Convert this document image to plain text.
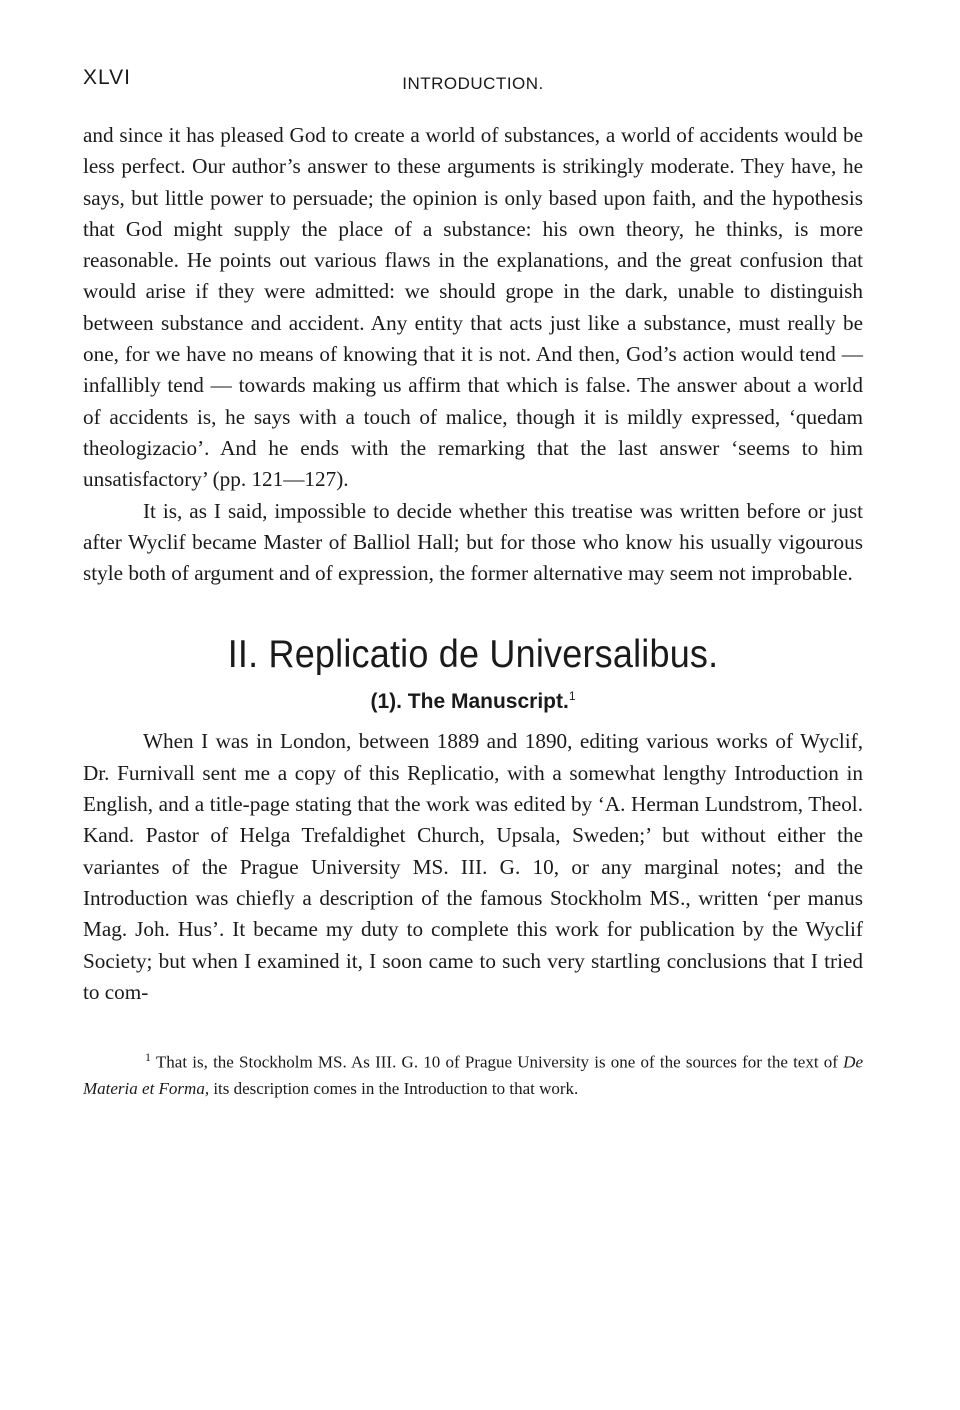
XLVI	INTRODUCTION.

and since it has pleased God to create a world of substances, a world of accidents would be less perfect. Our author’s answer to these arguments is strikingly moderate. They have, he says, but little power to persuade; the opinion is only based upon faith, and the hypothesis that God might supply the place of a substance: his own theory, he thinks, is more reasonable. He points out various flaws in the explanations, and the great confusion that would arise if they were admitted: we should grope in the dark, unable to distinguish between substance and accident. Any entity that acts just like a substance, must really be one, for we have no means of knowing that it is not. And then, God’s action would tend — infallibly tend — towards making us affirm that which is false. The answer about a world of accidents is, he says with a touch of malice, though it is mildly expressed, ‘quedam theologizacio’. And he ends with the remarking that the last answer ‘seems to him unsatisfactory’ (pp. 121—127).

It is, as I said, impossible to decide whether this treatise was written before or just after Wyclif became Master of Balliol Hall; but for those who know his usually vigourous style both of argument and of expression, the former alternative may seem not improbable.

II. Replicatio de Universalibus.
(1). The Manuscript.$^1$

When I was in London, between 1889 and 1890, editing various works of Wyclif, Dr. Furnivall sent me a copy of this Replicatio, with a somewhat lengthy Introduction in English, and a title-page stating that the work was edited by ‘A. Herman Lundstrom, Theol. Kand. Pastor of Helga Trefaldighet Church, Upsala, Sweden;’ but without either the variantes of the Prague University MS. III. G. 10, or any marginal notes; and the Introduction was chiefly a description of the famous Stockholm MS., written ‘per manus Mag. Joh. Hus’. It became my duty to complete this work for publication by the Wyclif Society; but when I examined it, I soon came to such very startling conclusions that I tried to com-

$^1$ That is, the Stockholm MS. As III. G. 10 of Prague University is one of the sources for the text of De Materia et Forma, its description comes in the Introduction to that work.
